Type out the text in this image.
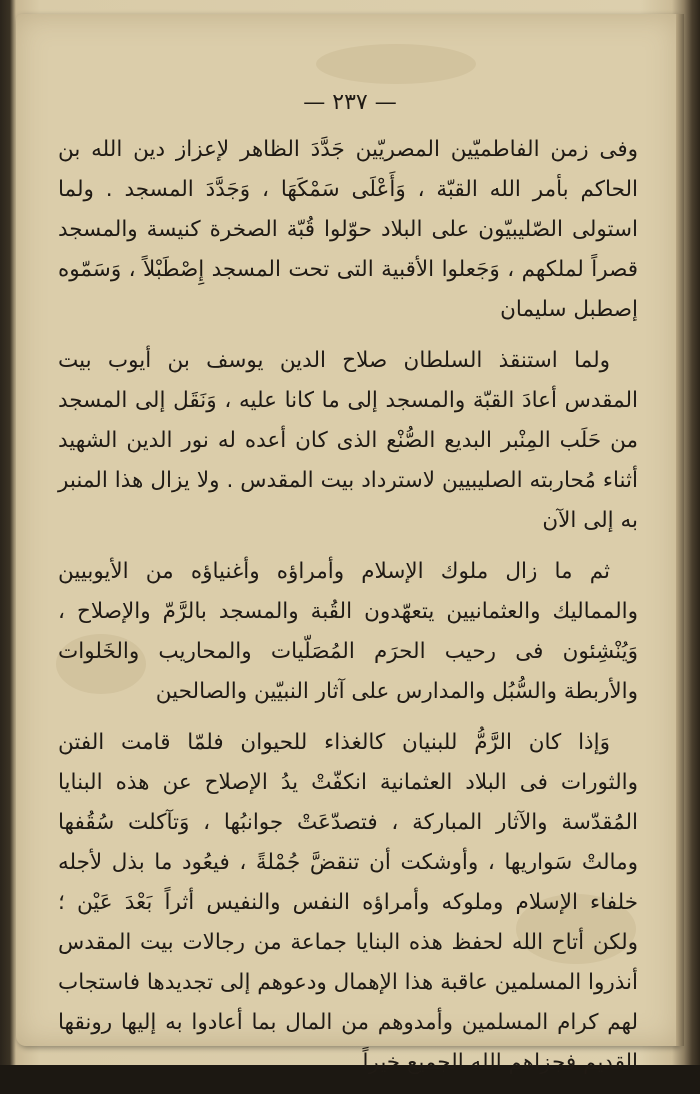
— ٢٣٧ —

وفى زمن الفاطميّين المصريّين جَدَّدَ الظاهر لإعزاز دين الله بن الحاكم بأمر الله القبّة ، وَأَعْلَى سَمْكَهَا ، وَجَدَّدَ المسجد . ولما استولى الصّليبيّون على البلاد حوّلوا قُبّة الصخرة كنيسة والمسجد قصراً لملكهم ، وَجَعلوا الأقبية التى تحت المسجد إِصْطَبْلاً ، وَسَمّوه إصطبل سليمان

ولما استنقذ السلطان صلاح الدين يوسف بن أيوب بيت المقدس أعادَ القبّة والمسجد إلى ما كانا عليه ، وَنَقَل إلى المسجد من حَلَب المِنْبر البديع الصُّنْع الذى كان أعده له نور الدين الشهيد أثناء مُحاربته الصليبيين لاسترداد بيت المقدس . ولا يزال هذا المنبر به إلى الآن

ثم ما زال ملوك الإسلام وأمراؤه وأغنياؤه من الأيوبيين والمماليك والعثمانيين يتعهّدون القُبة والمسجد بالرَّمّ والإصلاح ، وَيُنْشِئون فى رحيب الحرَم المُصَلّيات والمحاريب والخَلوات والأربطة والسُّبُل والمدارس على آثار النبيّين والصالحين

وَإذا كان الرَّمُّ للبنيان كالغذاء للحيوان فلمّا قامت الفتن والثورات فى البلاد العثمانية انكفّتْ يدُ الإصلاح عن هذه البنايا المُقدّسة والآثار المباركة ، فتصدّعَتْ جوانبُها ، وَتآكلت سُقُفها ومالتْ سَواريها ، وأوشكت أن تنقضَّ جُمْلةً ، فيعُود ما بذل لأجله خلفاء الإسلام وملوكه وأمراؤه النفس والنفيس أثراً بَعْدَ عَيْن ؛ ولكن أتاح الله لحفظ هذه البنايا جماعة من رجالات بيت المقدس أنذروا المسلمين عاقبة هذا الإهمال ودعوهم إلى تجديدها فاستجاب لهم كرام المسلمين وأمدوهم من المال بما أعادوا به إليها رونقها القديم فجزاهم الله الجميع خيراً
